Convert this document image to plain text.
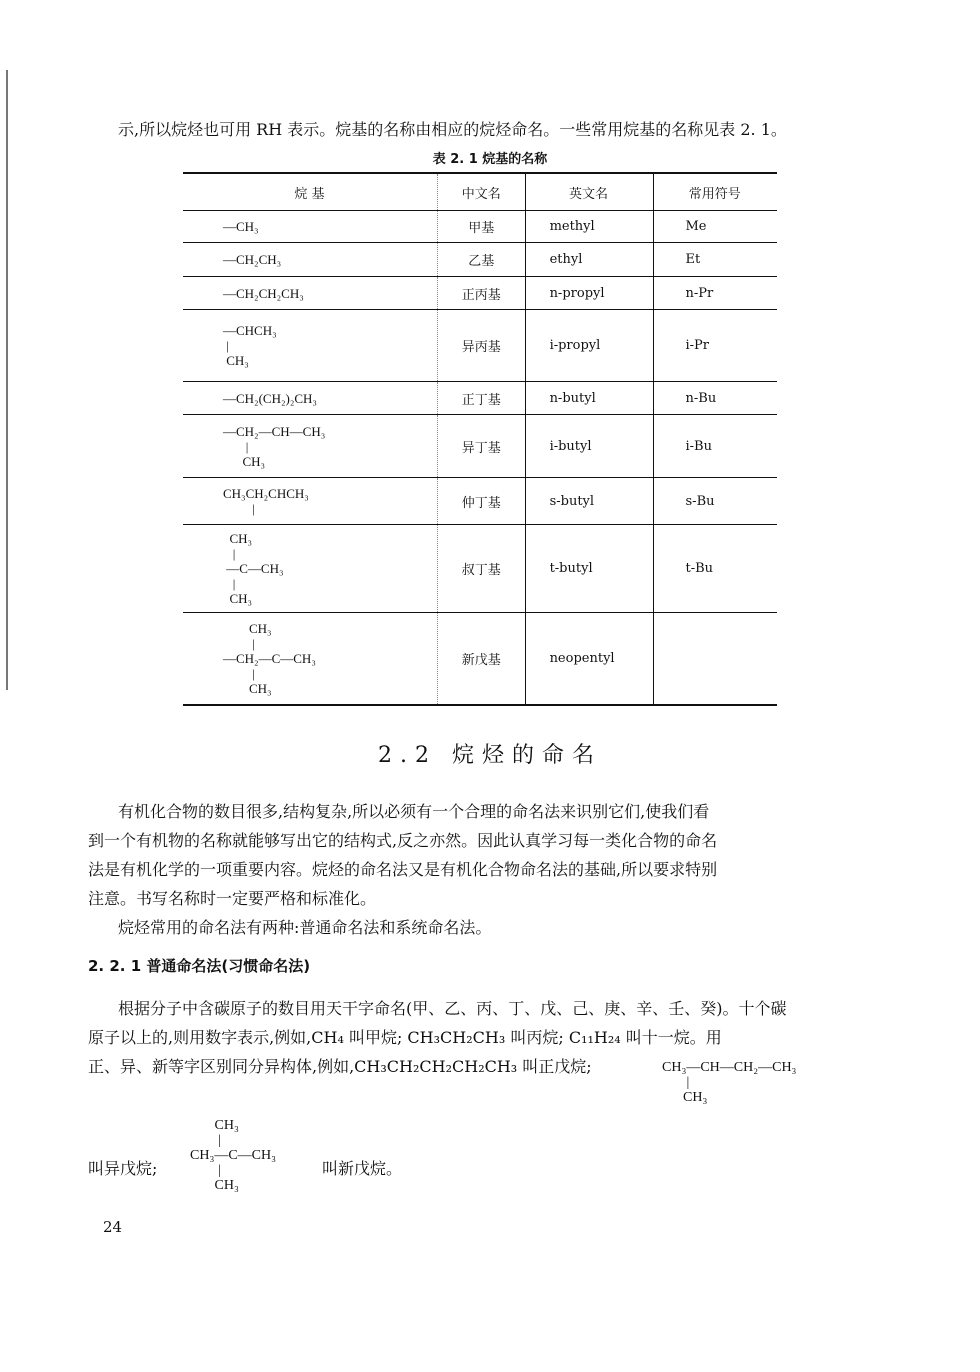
示,所以烷烃也可用 RH 表示。烷基的名称由相应的烷烃命名。一些常用烷基的名称见表 2. 1。
表 2. 1 烷基的名称
烷 基	中文名	英文名	常用符号

—CH₃	甲基	methyl	Me

—CH₂CH₃	乙基	ethyl	Et

—CH₂CH₂CH₃	正丙基	n-propyl	n-Pr

—CHCH₃
|
CH₃	异丙基	i-propyl	i-Pr

—CH₂(CH₂)₂CH₃	正丁基	n-butyl	n-Bu

—CH₂—CH—CH₃
|
CH₃	异丁基	i-butyl	i-Bu

CH₃CH₂CHCH₃
|	仲丁基	s-butyl	s-Bu

CH₃
|
—C—CH₃
|
CH₃	叔丁基	t-butyl	t-Bu

CH₃
|
—CH₂—C—CH₃
|
CH₃	新戊基	neopentyl	
2.2 烷烃的命名
有机化合物的数目很多,结构复杂,所以必须有一个合理的命名法来识别它们,使我们看
到一个有机物的名称就能够写出它的结构式,反之亦然。因此认真学习每一类化合物的命名
法是有机化学的一项重要内容。烷烃的命名法又是有机化合物命名法的基础,所以要求特别
注意。书写名称时一定要严格和标准化。
烷烃常用的命名法有两种:普通命名法和系统命名法。
2. 2. 1 普通命名法(习惯命名法)
根据分子中含碳原子的数目用天干字命名(甲、乙、丙、丁、戊、己、庚、辛、壬、癸)。十个碳
原子以上的,则用数字表示,例如,CH₄ 叫甲烷; CH₃CH₂CH₃ 叫丙烷; C₁₁H₂₄ 叫十一烷。用
正、异、新等字区别同分异构体,例如,CH₃CH₂CH₂CH₂CH₃ 叫正戊烷;	CH₃—CH—CH₂—CH₃
|
CH₃
叫异戊烷;
CH₃
|
CH₃—C—CH₃
|
CH₃
叫新戊烷。
24
